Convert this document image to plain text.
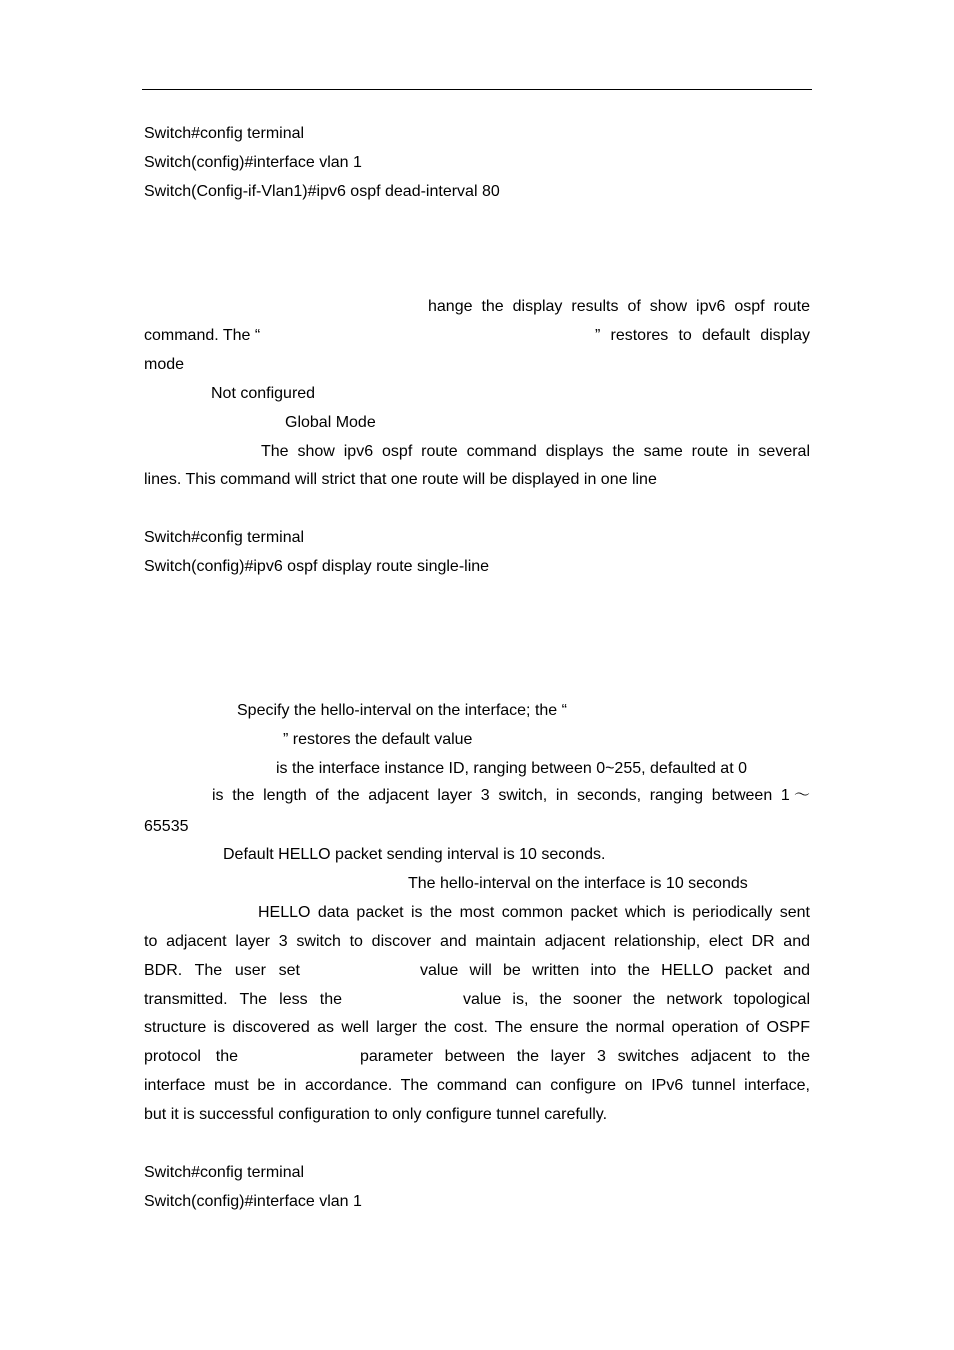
Switch#config terminal
Switch(config)#interface vlan 1
Switch(Config-if-Vlan1)#ipv6 ospf dead-interval 80
hange the display results of show ipv6 ospf route
command. The “	” restores to default display
mode
Not configured
Global Mode
The show ipv6 ospf route command displays the same route in several
lines. This command will strict that one route will be displayed in one line
Switch#config terminal
Switch(config)#ipv6 ospf display route single-line
Specify the hello-interval on the interface; the “
” restores the default value
is the interface instance ID, ranging between 0~255, defaulted at 0
is the length of the adjacent layer 3 switch, in seconds, ranging between 1～
65535
Default HELLO packet sending interval is 10 seconds.
The hello-interval on the interface is 10 seconds
HELLO data packet is the most common packet which is periodically sent
to adjacent layer 3 switch to discover and maintain adjacent relationship, elect DR and
BDR. The user set	value will be written into the HELLO packet and
transmitted. The less the	value is, the sooner the network topological
structure is discovered as well larger the cost. The ensure the normal operation of OSPF
protocol the	parameter between the layer 3 switches adjacent to the
interface must be in accordance. The command can configure on IPv6 tunnel interface,
but it is successful configuration to only configure tunnel carefully.
Switch#config terminal
Switch(config)#interface vlan 1
